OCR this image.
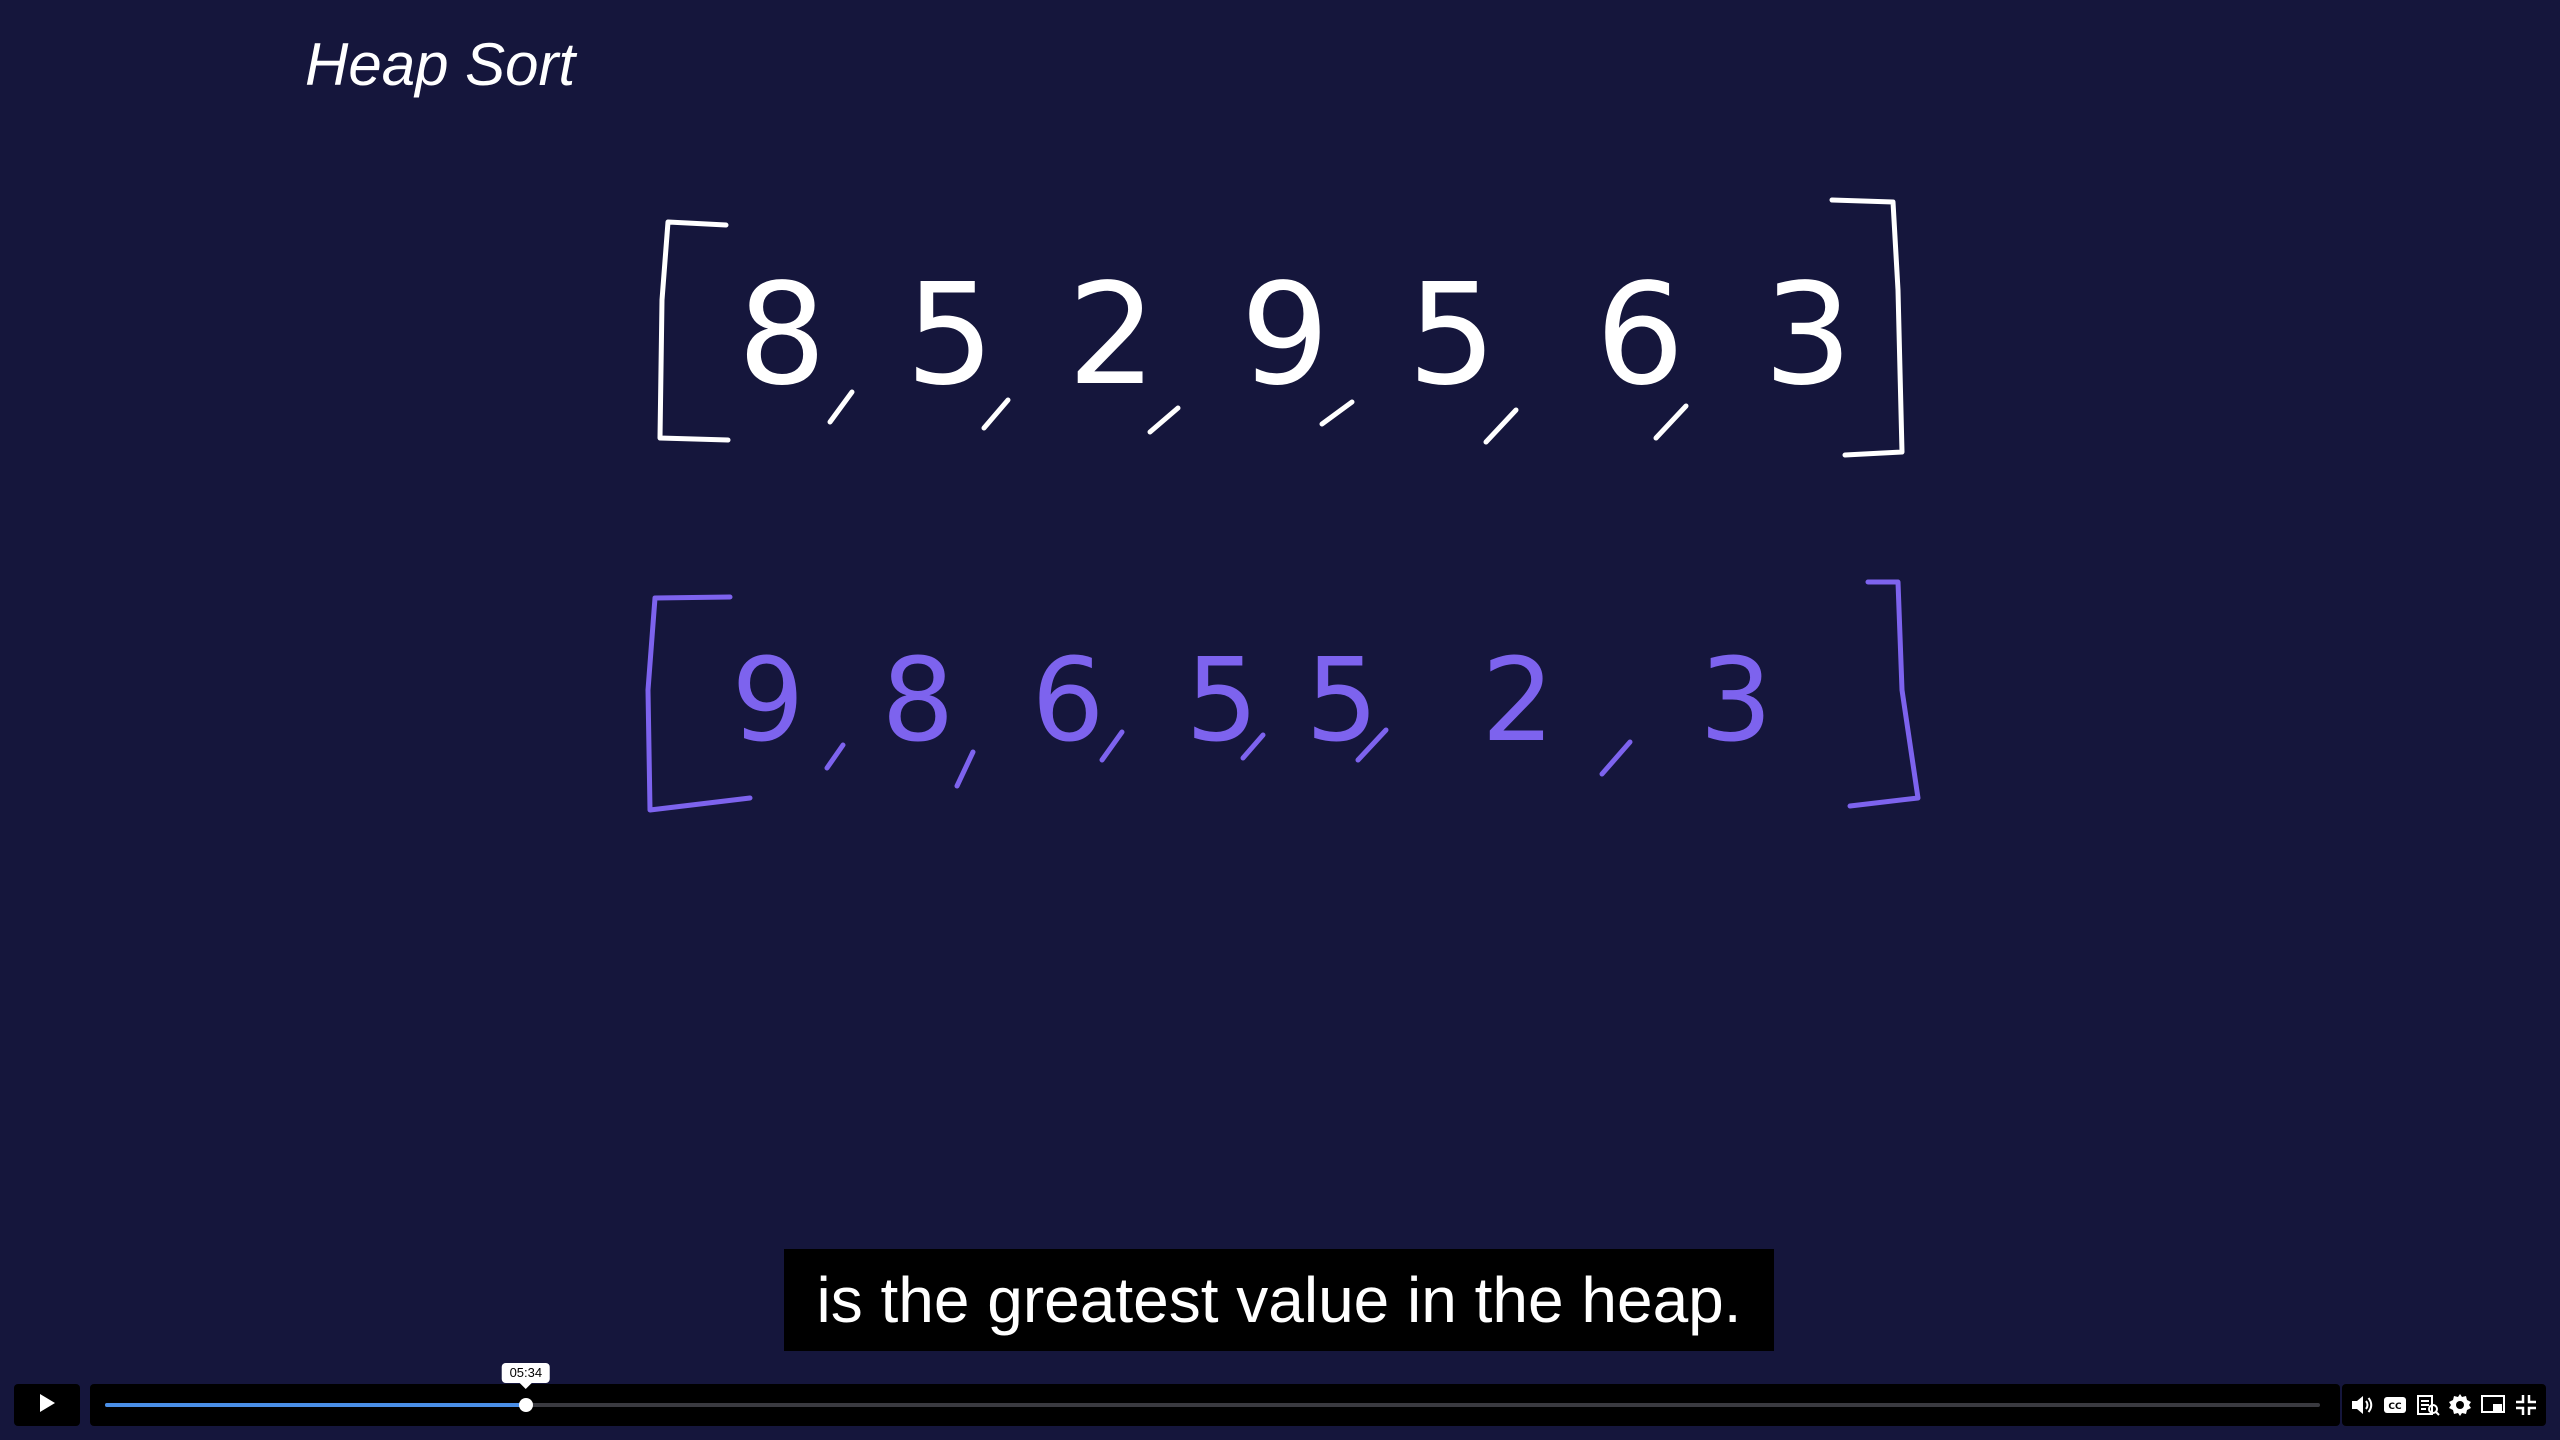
Heap Sort
8 5 2 9 5 6 3
9 8 6 5 5 2 3
is the greatest value in the heap.
05:34
CC
